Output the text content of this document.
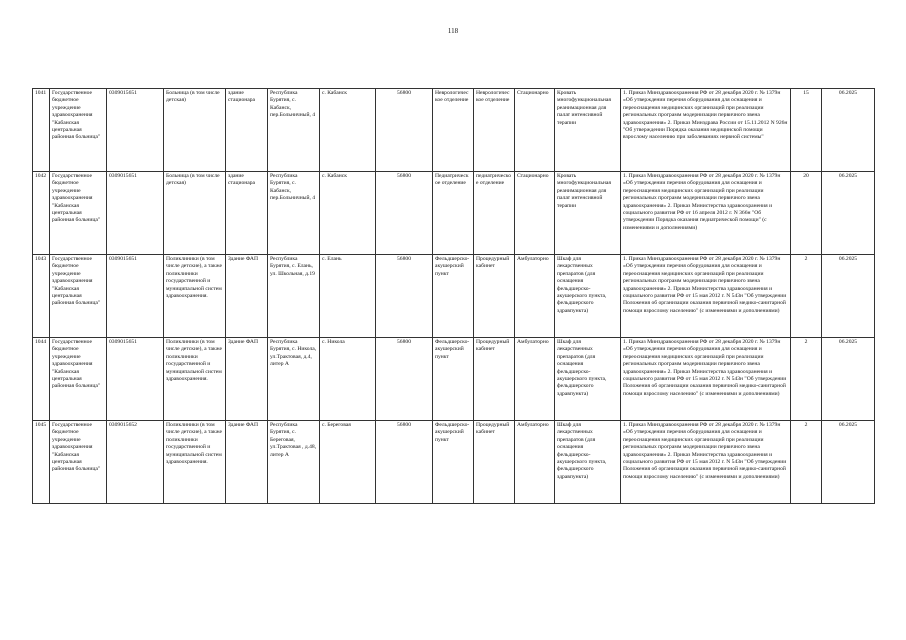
118
1041	Государственное бюджетное учреждение здравоохранения "Кабанская центральная районная больница"	0309015651	Больница (в том числе детская)	здание стационара	Республика Бурятия, с. Кабанск, пер.Больничный, 4	с. Кабанск	56800	Неврологическое отделение	Неврологическое отделение	Стационарно	Кровать многофункциональная реанимационная для палат интенсивной терапии	1. Приказ Минздравоохранения РФ от 28 декабря 2020 г. № 1379н «Об утверждении перечня оборудования для оснащения и переоснащения медицинских организаций при реализации региональных программ модернизации первичного звена здравоохранения» 2. Приказ Минздрава России от 15.11.2012 N 926н "Об утверждении Порядка оказания медицинской помощи взрослому населению при заболеваниях нервной системы"	15	06.2025
1042	Государственное бюджетное учреждение здравоохранения "Кабанская центральная районная больница"	0309015651	Больница (в том числе детская)	здание стационара	Республика Бурятия, с. Кабанск, пер.Больничный, 4	с. Кабанск	56800	Педиатрическое отделение	педиатрическое отделение	Стационарно	Кровать многофункциональная реанимационная для палат интенсивной терапии	1. Приказ Минздравоохранения РФ от 28 декабря 2020 г. № 1379н «Об утверждении перечня оборудования для оснащения и переоснащения медицинских организаций при реализации региональных программ модернизации первичного звена здравоохранения» 2. Приказ Министерства здравоохранения и социального развития РФ от 16 апреля 2012 г. N 366н "Об утверждении Порядка оказания педиатрической помощи" (с изменениями и дополнениями)	20	06.2025
1043	Государственное бюджетное учреждение здравоохранения "Кабанская центральная районная больница"	0309015651	Поликлиники (в том числе детские), а также поликлиники государственной и муниципальной систем здравоохранения.	Здание ФАП	Республика Бурятия, с. Елань, ул. Школьная, д.19	с. Елань	56800	Фельдшерско-акушерский пункт	Процедурный кабинет	Амбулаторно	Шкаф для лекарственных препаратов (для оснащения фельдшерско-акушерского пункта, фельдшерского здравпункта)	1. Приказ Минздравоохранения РФ от 28 декабря 2020 г. № 1379н «Об утверждении перечня оборудования для оснащения и переоснащения медицинских организаций при реализации региональных программ модернизации первичного звена здравоохранения» 2. Приказ Министерства здравоохранения и социального развития РФ от 15 мая 2012 г. N 543н "Об утверждении Положения об организации оказания первичной медико-санитарной помощи взрослому населению" (с изменениями и дополнениями)	2	06.2025
1044	Государственное бюджетное учреждение здравоохранения "Кабанская центральная районная больница"	0309015651	Поликлиники (в том числе детские), а также поликлиники государственной и муниципальной систем здравоохранения.	Здание ФАП	Республика Бурятия, с. Никола, ул.Трактовая, д.4, литер А	с. Никола	56800	Фельдшерско-акушерский пункт	Процедурный кабинет	Амбулаторно	Шкаф для лекарственных препаратов (для оснащения фельдшерско-акушерского пункта, фельдшерского здравпункта)	1. Приказ Минздравоохранения РФ от 28 декабря 2020 г. № 1379н «Об утверждении перечня оборудования для оснащения и переоснащения медицинских организаций при реализации региональных программ модернизации первичного звена здравоохранения» 2. Приказ Министерства здравоохранения и социального развития РФ от 15 мая 2012 г. N 543н "Об утверждении Положения об организации оказания первичной медико-санитарной помощи взрослому населению" (с изменениями и дополнениями)	2	06.2025
1045	Государственное бюджетное учреждение здравоохранения "Кабанская центральная районная больница"	0309015652	Поликлиники (в том числе детские), а также поликлиники государственной и муниципальной систем здравоохранения.	Здание ФАП	Республика Бурятия, с. Береговая, ул.Трактовая , д.48, литер А	с. Береговая	56800	Фельдшерско-акушерский пункт	Процедурный кабинет	Амбулаторно	Шкаф для лекарственных препаратов (для оснащения фельдшерско-акушерского пункта, фельдшерского здравпункта)	1. Приказ Минздравоохранения РФ от 28 декабря 2020 г. № 1379н «Об утверждении перечня оборудования для оснащения и переоснащения медицинских организаций при реализации региональных программ модернизации первичного звена здравоохранения» 2. Приказ Министерства здравоохранения и социального развития РФ от 15 мая 2012 г. N 543н "Об утверждении Положения об организации оказания первичной медико-санитарной помощи взрослому населению" (с изменениями и дополнениями)	2	06.2025
